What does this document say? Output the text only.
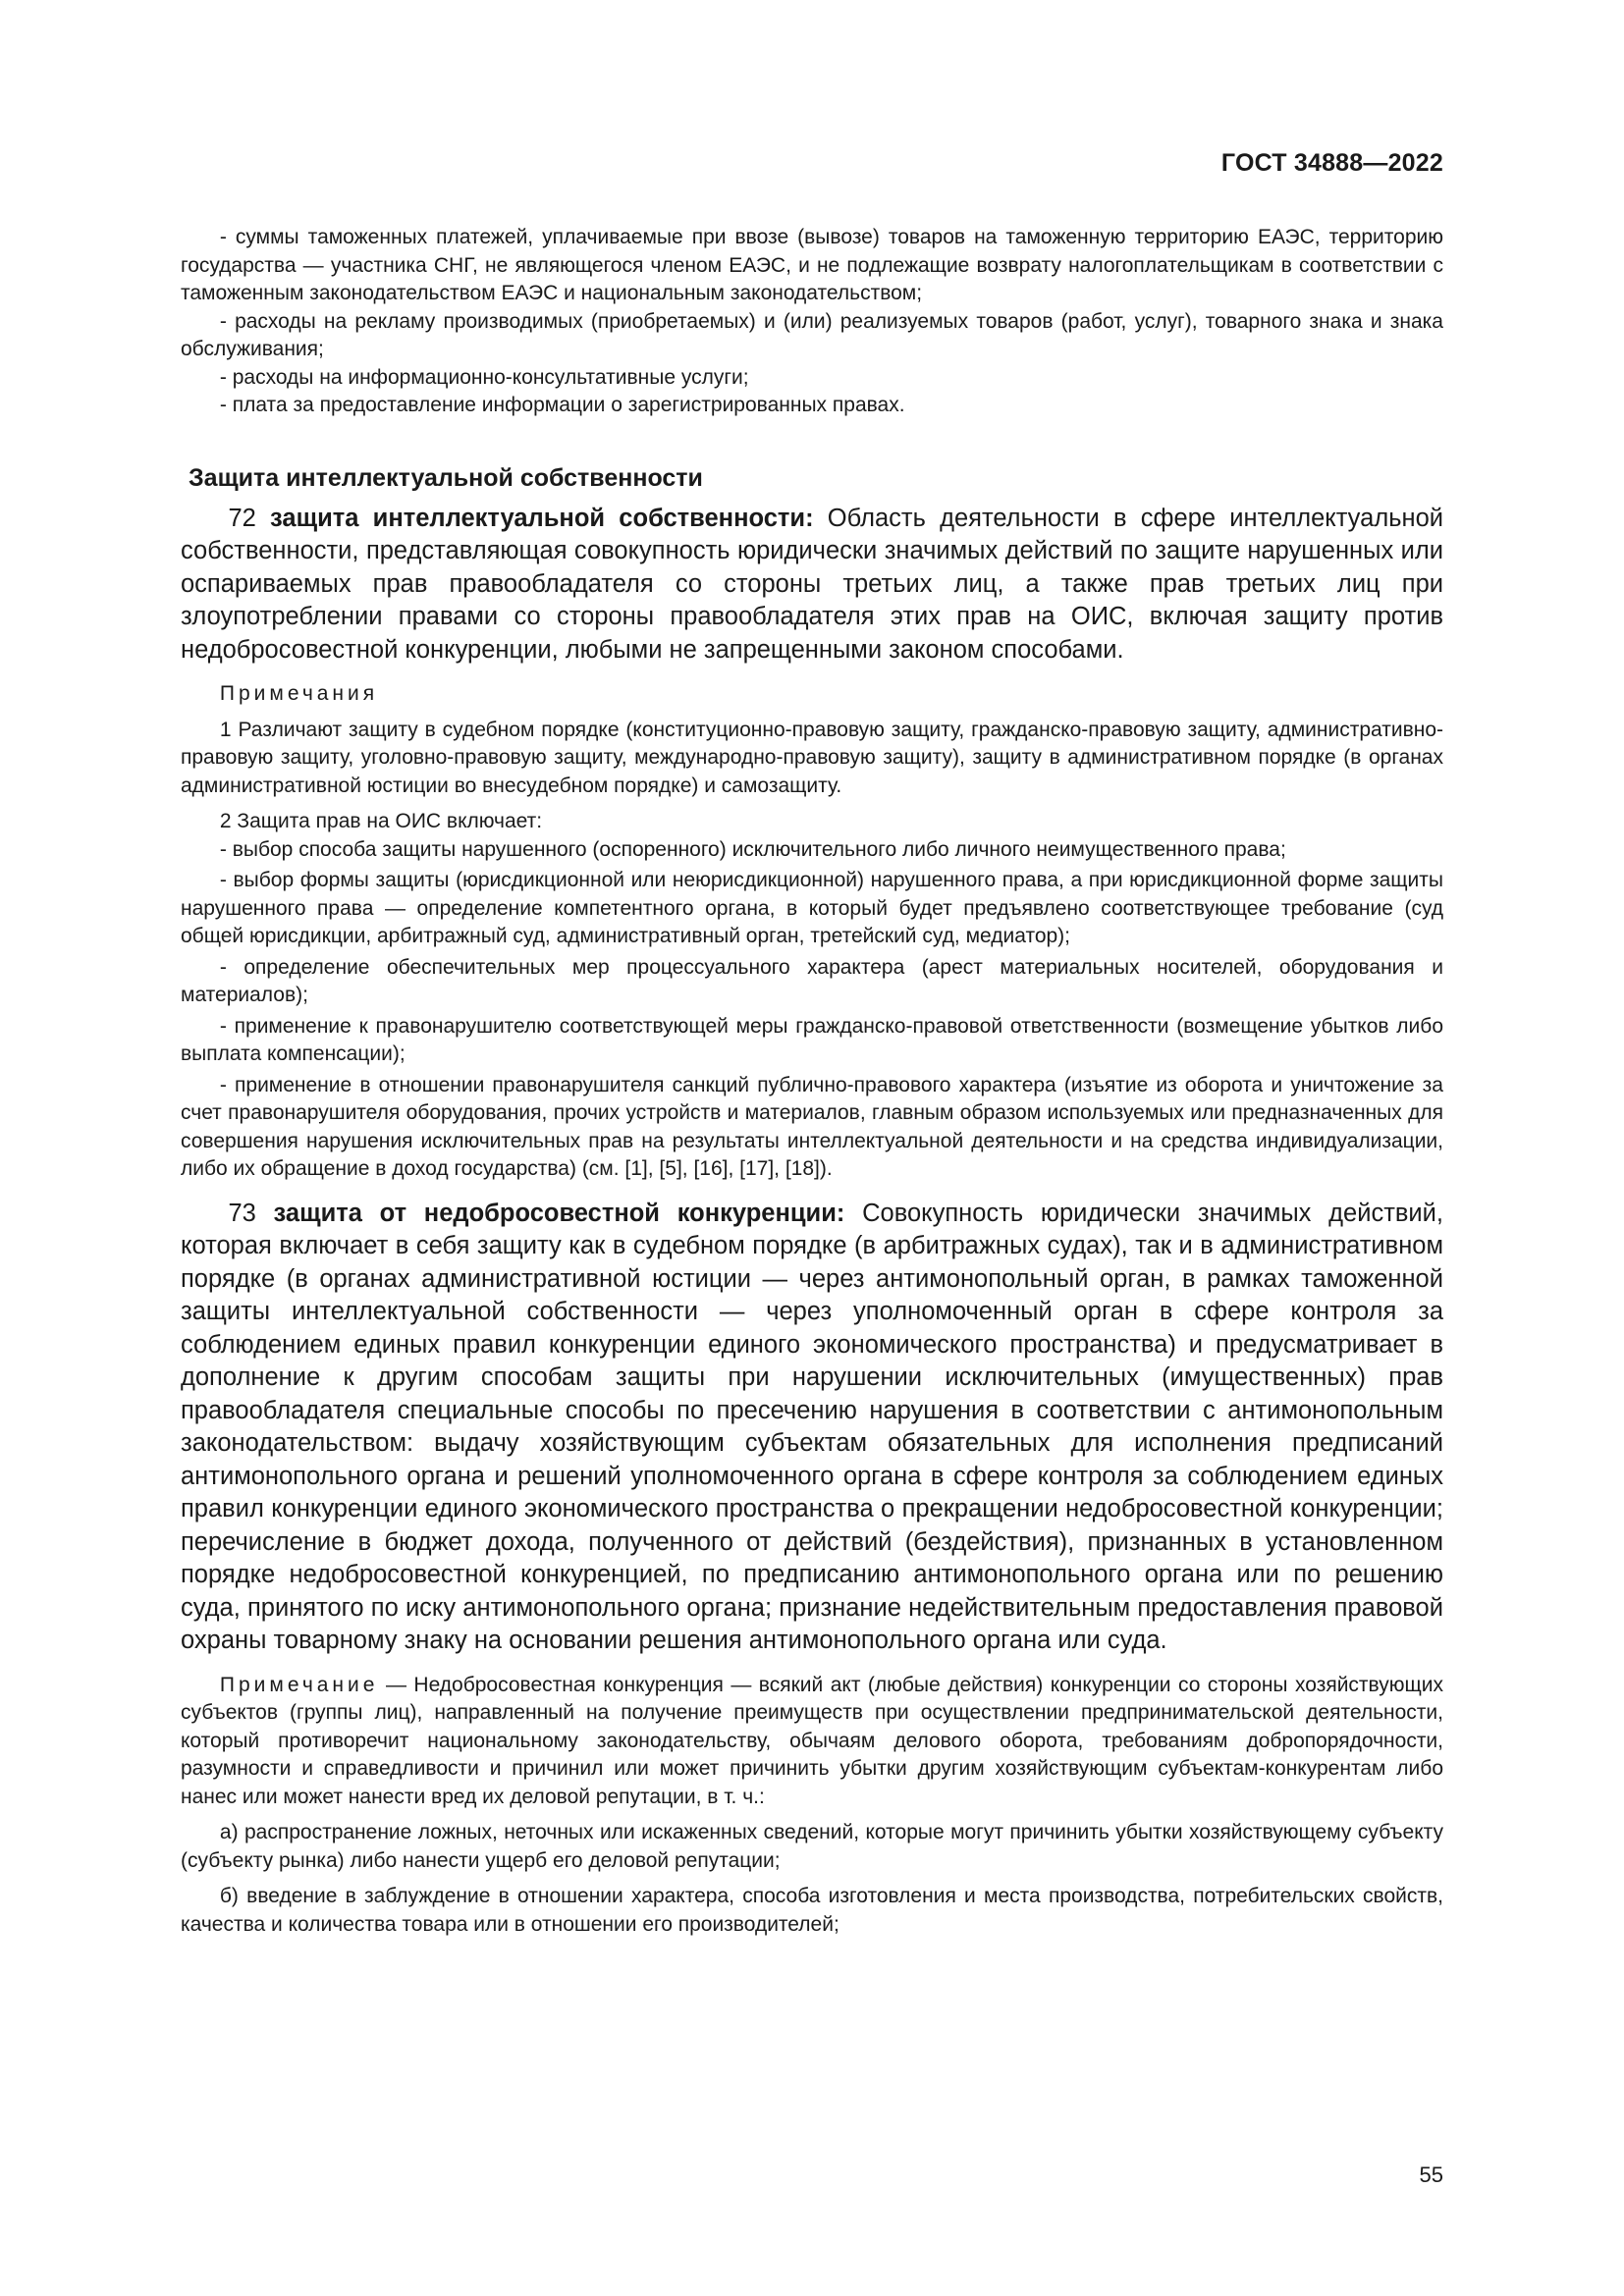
ГОСТ 34888—2022

- суммы таможенных платежей, уплачиваемые при ввозе (вывозе) товаров на таможенную территорию ЕАЭС, территорию государства — участника СНГ, не являющегося членом ЕАЭС, и не подлежащие возврату налогоплательщикам в соответствии с таможенным законодательством ЕАЭС и национальным законодательством;

- расходы на рекламу производимых (приобретаемых) и (или) реализуемых товаров (работ, услуг), товарного знака и знака обслуживания;

- расходы на информационно-консультативные услуги;

- плата за предоставление информации о зарегистрированных правах.

Защита интеллектуальной собственности

72 защита интеллектуальной собственности: Область деятельности в сфере интеллектуальной собственности, представляющая совокупность юридически значимых действий по защите нарушенных или оспариваемых прав правообладателя со стороны третьих лиц, а также прав третьих лиц при злоупотреблении правами со стороны правообладателя этих прав на ОИС, включая защиту против недобросовестной конкуренции, любыми не запрещенными законом способами.

Примечания

1 Различают защиту в судебном порядке (конституционно-правовую защиту, гражданско-правовую защиту, административно-правовую защиту, уголовно-правовую защиту, международно-правовую защиту), защиту в административном порядке (в органах административной юстиции во внесудебном порядке) и самозащиту.

2 Защита прав на ОИС включает:

- выбор способа защиты нарушенного (оспоренного) исключительного либо личного неимущественного права;

- выбор формы защиты (юрисдикционной или неюрисдикционной) нарушенного права, а при юрисдикционной форме защиты нарушенного права — определение компетентного органа, в который будет предъявлено соответствующее требование (суд общей юрисдикции, арбитражный суд, административный орган, третейский суд, медиатор);

- определение обеспечительных мер процессуального характера (арест материальных носителей, оборудования и материалов);

- применение к правонарушителю соответствующей меры гражданско-правовой ответственности (возмещение убытков либо выплата компенсации);

- применение в отношении правонарушителя санкций публично-правового характера (изъятие из оборота и уничтожение за счет правонарушителя оборудования, прочих устройств и материалов, главным образом используемых или предназначенных для совершения нарушения исключительных прав на результаты интеллектуальной деятельности и на средства индивидуализации, либо их обращение в доход государства) (см. [1], [5], [16], [17], [18]).

73 защита от недобросовестной конкуренции: Совокупность юридически значимых действий, которая включает в себя защиту как в судебном порядке (в арбитражных судах), так и в административном порядке (в органах административной юстиции — через антимонопольный орган, в рамках таможенной защиты интеллектуальной собственности — через уполномоченный орган в сфере контроля за соблюдением единых правил конкуренции единого экономического пространства) и предусматривает в дополнение к другим способам защиты при нарушении исключительных (имущественных) прав правообладателя специальные способы по пресечению нарушения в соответствии с антимонопольным законодательством: выдачу хозяйствующим субъектам обязательных для исполнения предписаний антимонопольного органа и решений уполномоченного органа в сфере контроля за соблюдением единых правил конкуренции единого экономического пространства о прекращении недобросовестной конкуренции; перечисление в бюджет дохода, полученного от действий (бездействия), признанных в установленном порядке недобросовестной конкуренцией, по предписанию антимонопольного органа или по решению суда, принятого по иску антимонопольного органа; признание недействительным предоставления правовой охраны товарному знаку на основании решения антимонопольного органа или суда.

Примечание — Недобросовестная конкуренция — всякий акт (любые действия) конкуренции со стороны хозяйствующих субъектов (группы лиц), направленный на получение преимуществ при осуществлении предпринимательской деятельности, который противоречит национальному законодательству, обычаям делового оборота, требованиям добропорядочности, разумности и справедливости и причинил или может причинить убытки другим хозяйствующим субъектам-конкурентам либо нанес или может нанести вред их деловой репутации, в т. ч.:

а) распространение ложных, неточных или искаженных сведений, которые могут причинить убытки хозяйствующему субъекту (субъекту рынка) либо нанести ущерб его деловой репутации;

б) введение в заблуждение в отношении характера, способа изготовления и места производства, потребительских свойств, качества и количества товара или в отношении его производителей;

55
